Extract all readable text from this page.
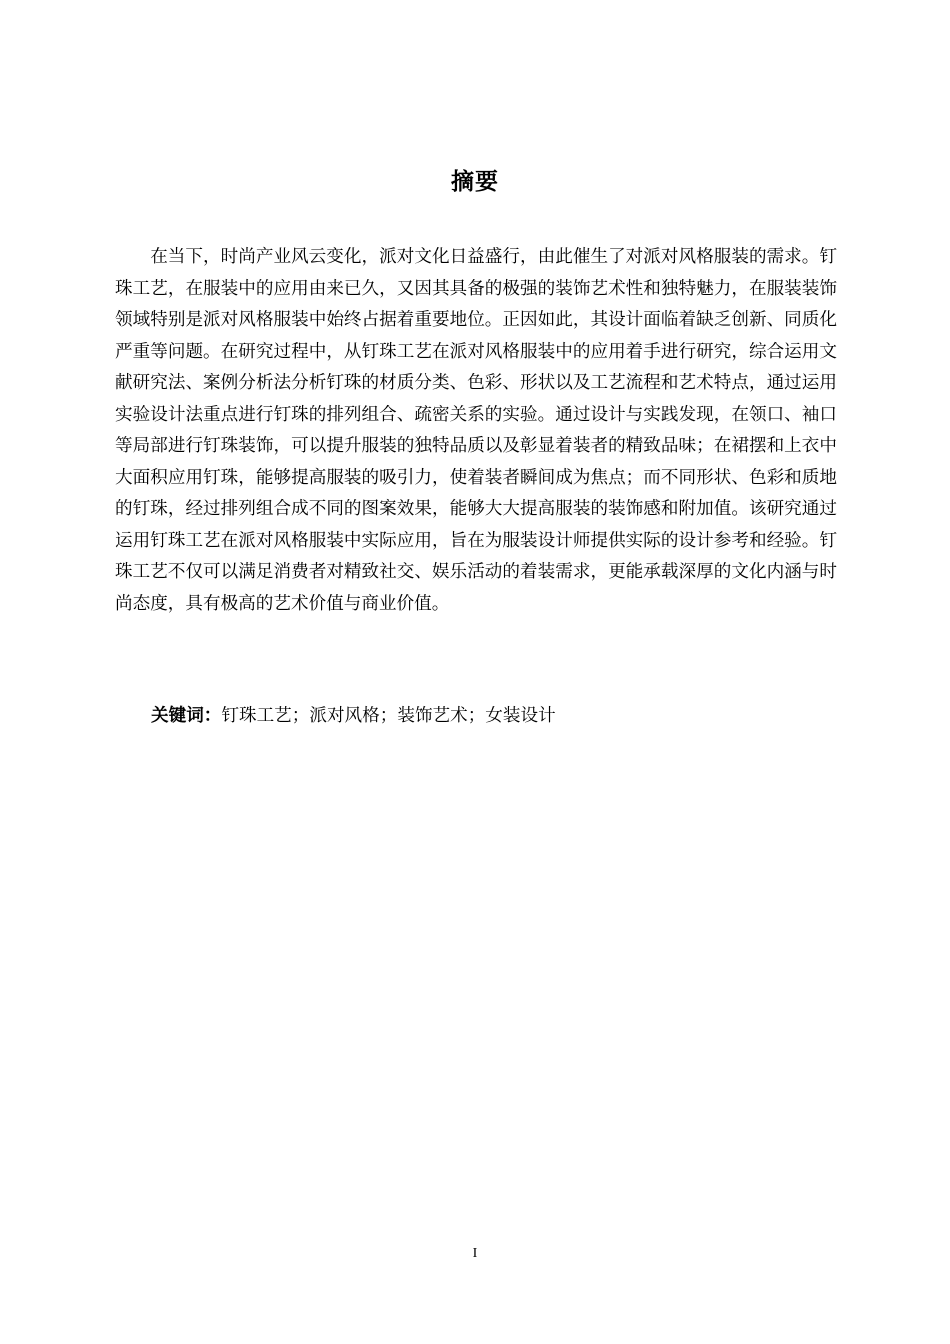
摘要

在当下，时尚产业风云变化，派对文化日益盛行，由此催生了对派对风格服装的需求。钉珠工艺，在服装中的应用由来已久，又因其具备的极强的装饰艺术性和独特魅力，在服装装饰领域特别是派对风格服装中始终占据着重要地位。正因如此，其设计面临着缺乏创新、同质化严重等问题。在研究过程中，从钉珠工艺在派对风格服装中的应用着手进行研究，综合运用文献研究法、案例分析法分析钉珠的材质分类、色彩、形状以及工艺流程和艺术特点，通过运用实验设计法重点进行钉珠的排列组合、疏密关系的实验。通过设计与实践发现，在领口、袖口等局部进行钉珠装饰，可以提升服装的独特品质以及彰显着装者的精致品味；在裙摆和上衣中大面积应用钉珠，能够提高服装的吸引力，使着装者瞬间成为焦点；而不同形状、色彩和质地的钉珠，经过排列组合成不同的图案效果，能够大大提高服装的装饰感和附加值。该研究通过运用钉珠工艺在派对风格服装中实际应用，旨在为服装设计师提供实际的设计参考和经验。钉珠工艺不仅可以满足消费者对精致社交、娱乐活动的着装需求，更能承载深厚的文化内涵与时尚态度，具有极高的艺术价值与商业价值。

关键词：钉珠工艺；派对风格；装饰艺术；女装设计
I
